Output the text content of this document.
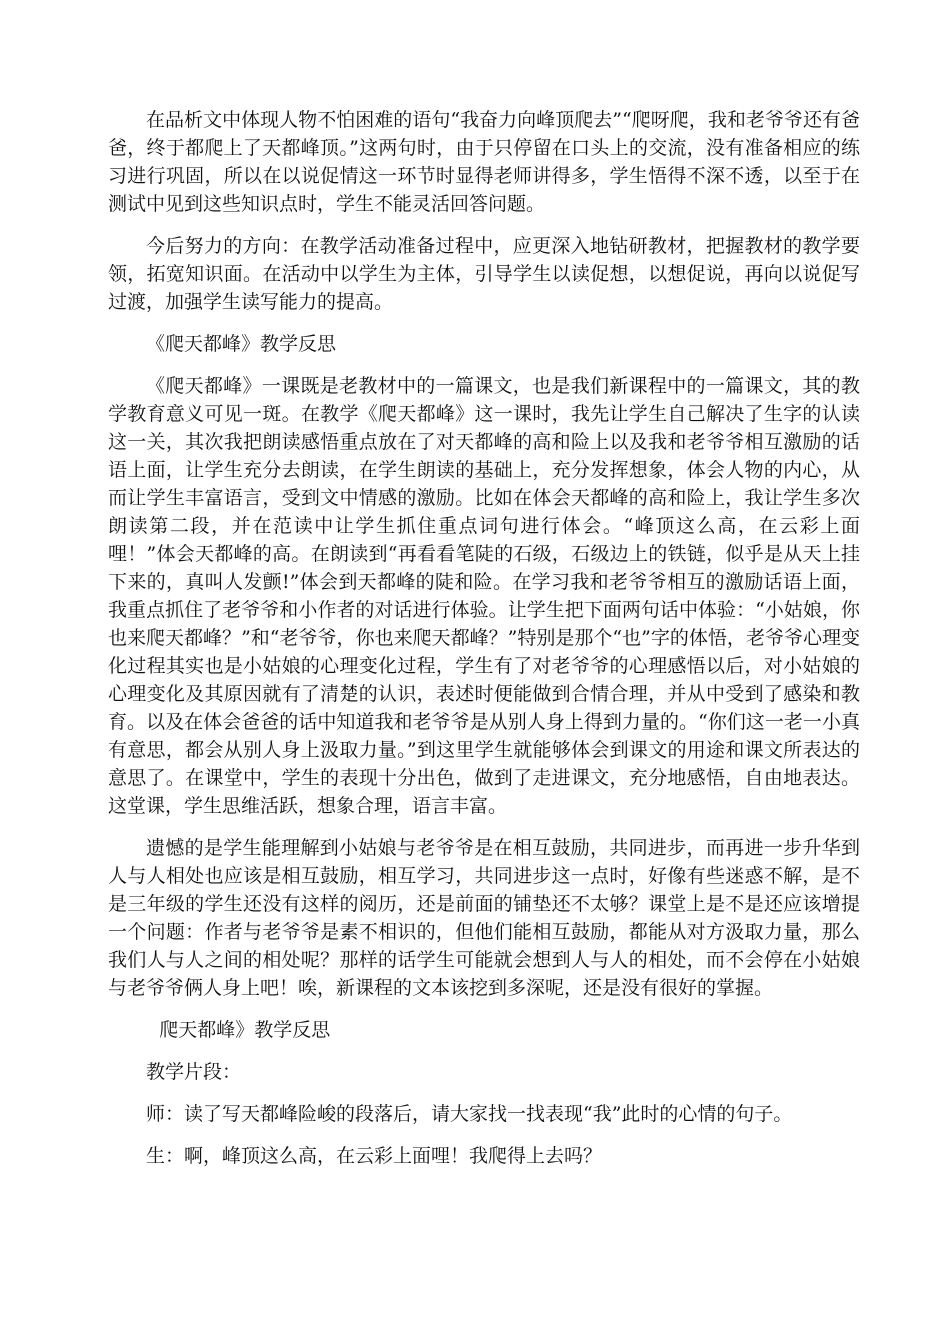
在品析文中体现人物不怕困难的语句“我奋力向峰顶爬去”“爬呀爬，我和老爷爷还有爸爸，终于都爬上了天都峰顶。”这两句时，由于只停留在口头上的交流，没有准备相应的练习进行巩固，所以在以说促情这一环节时显得老师讲得多，学生悟得不深不透，以至于在测试中见到这些知识点时，学生不能灵活回答问题。

今后努力的方向：在教学活动准备过程中，应更深入地钻研教材，把握教材的教学要领，拓宽知识面。在活动中以学生为主体，引导学生以读促想，以想促说，再向以说促写过渡，加强学生读写能力的提高。

《爬天都峰》教学反思

《爬天都峰》一课既是老教材中的一篇课文，也是我们新课程中的一篇课文，其的教学教育意义可见一斑。在教学《爬天都峰》这一课时，我先让学生自己解决了生字的认读这一关，其次我把朗读感悟重点放在了对天都峰的高和险上以及我和老爷爷相互激励的话语上面，让学生充分去朗读，在学生朗读的基础上，充分发挥想象，体会人物的内心，从而让学生丰富语言，受到文中情感的激励。比如在体会天都峰的高和险上，我让学生多次朗读第二段，并在范读中让学生抓住重点词句进行体会。“峰顶这么高，在云彩上面哩！”体会天都峰的高。在朗读到“再看看笔陡的石级，石级边上的铁链，似乎是从天上挂下来的，真叫人发颤!”体会到天都峰的陡和险。在学习我和老爷爷相互的激励话语上面，我重点抓住了老爷爷和小作者的对话进行体验。让学生把下面两句话中体验：“小姑娘，你也来爬天都峰？”和“老爷爷，你也来爬天都峰？”特别是那个“也”字的体悟，老爷爷心理变化过程其实也是小姑娘的心理变化过程，学生有了对老爷爷的心理感悟以后，对小姑娘的心理变化及其原因就有了清楚的认识，表述时便能做到合情合理，并从中受到了感染和教育。以及在体会爸爸的话中知道我和老爷爷是从别人身上得到力量的。“你们这一老一小真有意思，都会从别人身上汲取力量。”到这里学生就能够体会到课文的用途和课文所表达的意思了。在课堂中，学生的表现十分出色，做到了走进课文，充分地感悟，自由地表达。这堂课，学生思维活跃，想象合理，语言丰富。

遗憾的是学生能理解到小姑娘与老爷爷是在相互鼓励，共同进步，而再进一步升华到人与人相处也应该是相互鼓励，相互学习，共同进步这一点时，好像有些迷惑不解，是不是三年级的学生还没有这样的阅历，还是前面的铺垫还不太够？课堂上是不是还应该增提一个问题：作者与老爷爷是素不相识的，但他们能相互鼓励，都能从对方汲取力量，那么我们人与人之间的相处呢？那样的话学生可能就会想到人与人的相处，而不会停在小姑娘与老爷爷俩人身上吧！唉，新课程的文本该挖到多深呢，还是没有很好的掌握。

爬天都峰》教学反思

教学片段：

师：读了写天都峰险峻的段落后，请大家找一找表现“我”此时的心情的句子。

生：啊，峰顶这么高，在云彩上面哩！我爬得上去吗？
